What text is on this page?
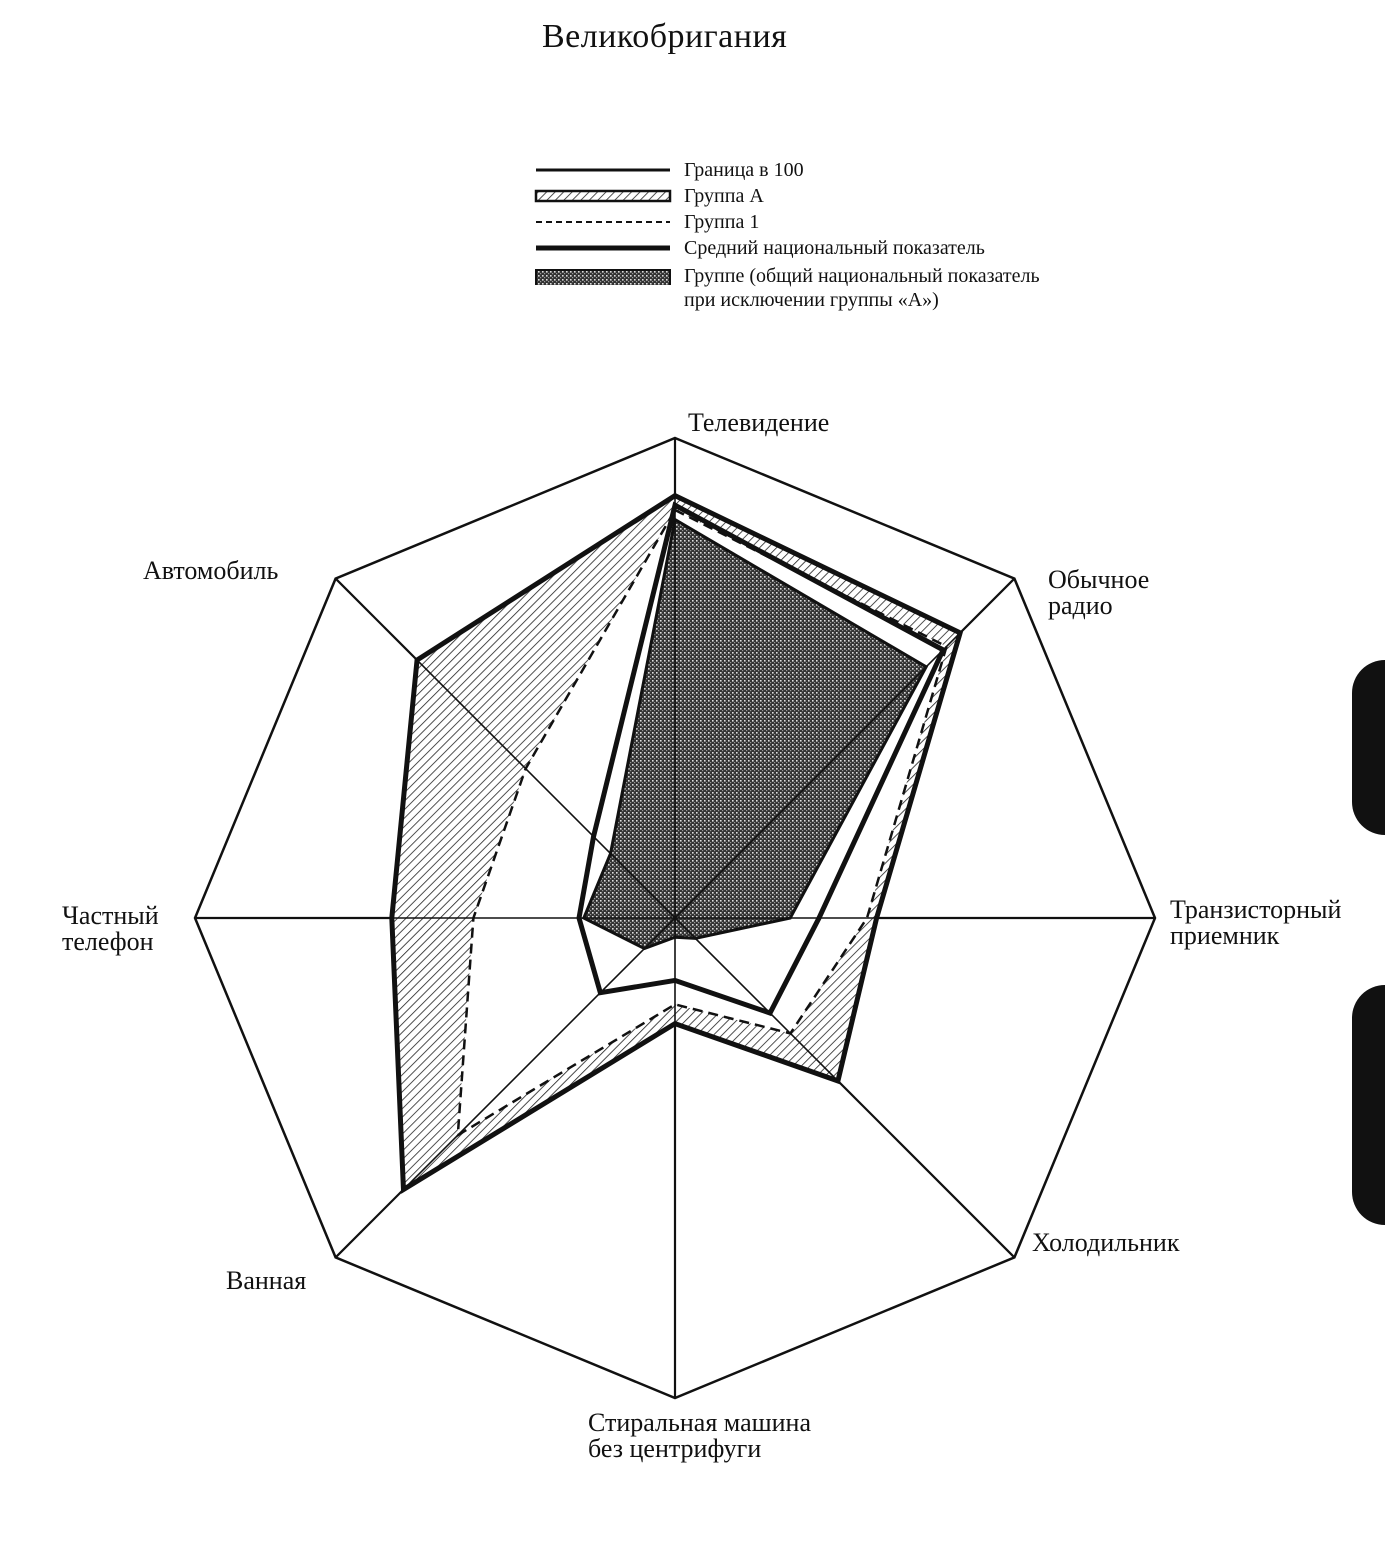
Великобригания
Граница в 100
Группа А
Группа 1
Средний национальный показатель
Группе (общий национальный показатель
при исключении группы «А»)
Телевидение
Обычное
радио
Транзисторный
приемник
Холодильник
Стиральная машина
без центрифуги
Ванная
Частный
телефон
Автомобиль
